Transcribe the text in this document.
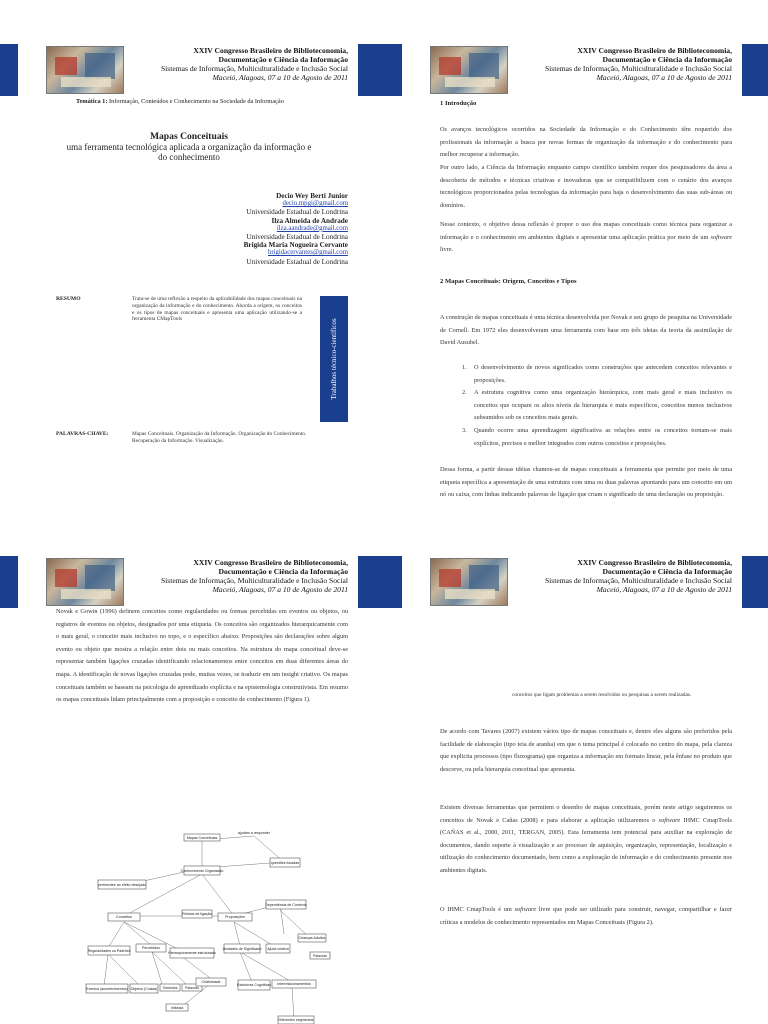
XXIV Congresso Brasileiro de Biblioteconomia,
Documentação e Ciência da Informação
Sistemas de Informação, Multiculturalidade e Inclusão Social
Maceió, Alagoas, 07 a 10 de Agosto de 2011
Temática 1: Informação, Conteúdos e Conhecimento na Sociedade da Informação
Mapas Conceituais
uma ferramenta tecnológica aplicada a organização da informação e
do conhecimento
Decio Wey Berti Junior
decio.mpgi@gmail.com
Universidade Estadual de Londrina
Ilza Almeida de Andrade
ilza.aandrade@gmail.com
Universidade Estadual de Londrina
Brigida Maria Nogueira Cervante
brigidacervantes@gmail.com
Universidade Estadual de Londrina
RESUMO	Trata-se de uma reflexão a respeito da aplicabilidade dos mapas conceituais na organização da informação e do conhecimento. Aborda a origem, os conceitos e os tipos de mapas conceituais e apresenta uma aplicação utilizando-se a ferramenta CMapTools	Trabalhos técnico-científicos
PALAVRAS-CHAVE:	Mapas Conceituais. Organização da Informação. Organização do Conhecimento. Recuperação da Informação. Visualização.
XXIV Congresso Brasileiro de Biblioteconomia,
Documentação e Ciência da Informação
Sistemas de Informação, Multiculturalidade e Inclusão Social
Maceió, Alagoas, 07 a 10 de Agosto de 2011
1 Introdução
Os avanços tecnológicos ocorridos na Sociedade da Informação e do Conhecimento têm requerido dos profissionais da informação a busca por novas formas de organização da informação e do conhecimento para melhor recuperar a informação.
Por outro lado, a Ciência da Informação enquanto campo científico também requer dos pesquisadores da área a descoberta de métodos e técnicas criativas e inovadoras que se compatibilizem com o cenário dos avanços tecnológicos proporcionados pelas tecnologias da informação para haja o desenvolvimento das suas sub-áreas ou domínios.
Nesse contexto, o objetivo dessa reflexão é propor o uso dos mapas conceituais como técnica para organizar a informação e o conhecimento em ambientes digitais e apresentar uma aplicação prática por meio de um software livre.
2 Mapas Conceituais: Origem, Conceitos e Tipos
A construção de mapas conceituais é uma técnica desenvolvida por Novak e seu grupo de pesquisa na Universidade de Cornell. Em 1972 eles desenvolveram uma ferramenta com base em três ideias da teoria da assimilação de David Ausubel.
1. O desenvolvimento de novos significados como construções que antecedem conceitos relevantes e proposições.
2. A estrutura cognitiva como uma organização hierárquica, com mais geral e mais inclusivo os conceitos que ocupam os altos níveis da hierarquia e mais específicos, conceitos menos inclusivos subsumidos sob os conceitos mais gerais.
3. Quando ocorre uma aprendizagem significativa as relações entre os conceitos tornam-se mais explícitos, precisos e melhor integrados com outros conceitos e proposições.
Dessa forma, a partir dessas idéias chamou-se de mapas conceituais a ferramenta que permite por meio de uma etiqueta específica a apresentação de uma estrutura com uma ou duas palavras apontando para um conceito em um nó ou caixa, com linhas indicando palavras de ligação que criam o significado de uma declaração ou proposição.
XXIV Congresso Brasileiro de Biblioteconomia,
Documentação e Ciência da Informação
Sistemas de Informação, Multiculturalidade e Inclusão Social
Maceió, Alagoas, 07 a 10 de Agosto de 2011
Novak e Gowin (1996) definem conceitos como regularidades ou formas percebidas em eventos ou objetos, ou registros de eventos ou objetos, designados por uma etiqueta. Os conceitos são organizados hierarquicamente com o mais geral, o conceito mais inclusivo no topo, e o específico abaixo. Proposições são declarações sobre algum evento ou objeto que mostra a relação entre dois ou mais conceitos. Na estrutura do mapa conceitual deve-se representar também ligações cruzadas identificando relacionamentos entre conceitos em duas diferentes áreas do mapa. A identificação de novas ligações cruzadas pode, muitas vezes, se traduzir em um insight criativo. Os mapas conceituais também se baseam na psicologia de aprendizado explícita e na epistemologia construtivista. Em resumo os mapas conceituais lidam principalmente com a proposição e conceito de conhecimento (Figura 1).
Mapas Conceituais
ajudam a responder
Conhecimento Organizado
questões focadas
pertinentes ao efeito desejado
Conceitos	Proposições
Rótulos de ligação
Dependência de Contexto
Crianças Adultos
Regularidades ou Padrões
Percebidos
Hierarquicamente estruturado
Unidades de Significado Ajuda criativa
Eventos (acontecimentos) Objetos (Coisas) Símbolos Palavras
Criatividade
Estruturas Cognitivas Interrelacionamentos
Diferentes segmentos
Infância
Palavras
XXIV Congresso Brasileiro de Biblioteconomia,
Documentação e Ciência da Informação
Sistemas de Informação, Multiculturalidade e Inclusão Social
Maceió, Alagoas, 07 a 10 de Agosto de 2011
conceitos que ligam problemas a serem resolvidos ou pesquisas a serem realizadas.
De acordo com Tavares (2007) existem vários tipo de mapas conceituais e, dentre eles alguns são preferidos pela facilidade de elaboração (tipo teia de aranha) em que o tema principal é colocado no centro do mapa, pela clareza que explicita processos (tipo fluxograma) que organiza a informação em formato linear, pela ênfase no produto que descreve, ou pela hierarquia conceitual que apresenta.
Existem diversas ferramentas que permitem o desenho de mapas conceituais, porém neste artigo seguiremos os conceitos de Novak e Cañas (2008) e para elaborar a aplicação utilizaremos o software IHMC CmapTools (CAÑAS et al., 2000, 2011, TERGAN, 2005). Esta ferramenta tem potencial para auxiliar na exploração de documentos, dando suporte à visualização e ao processo de aquisição, organização, representação, localização e utilização do conhecimento documentado, bem como a exploração de informação e do conhecimento presente nos ambientes digitais.
O IHMC CmapTools é um software livre que pode ser utilizado para construir, navegar, compartilhar e fazer críticas a modelos de conhecimento representados em Mapas Conceituais (Figura 2).
